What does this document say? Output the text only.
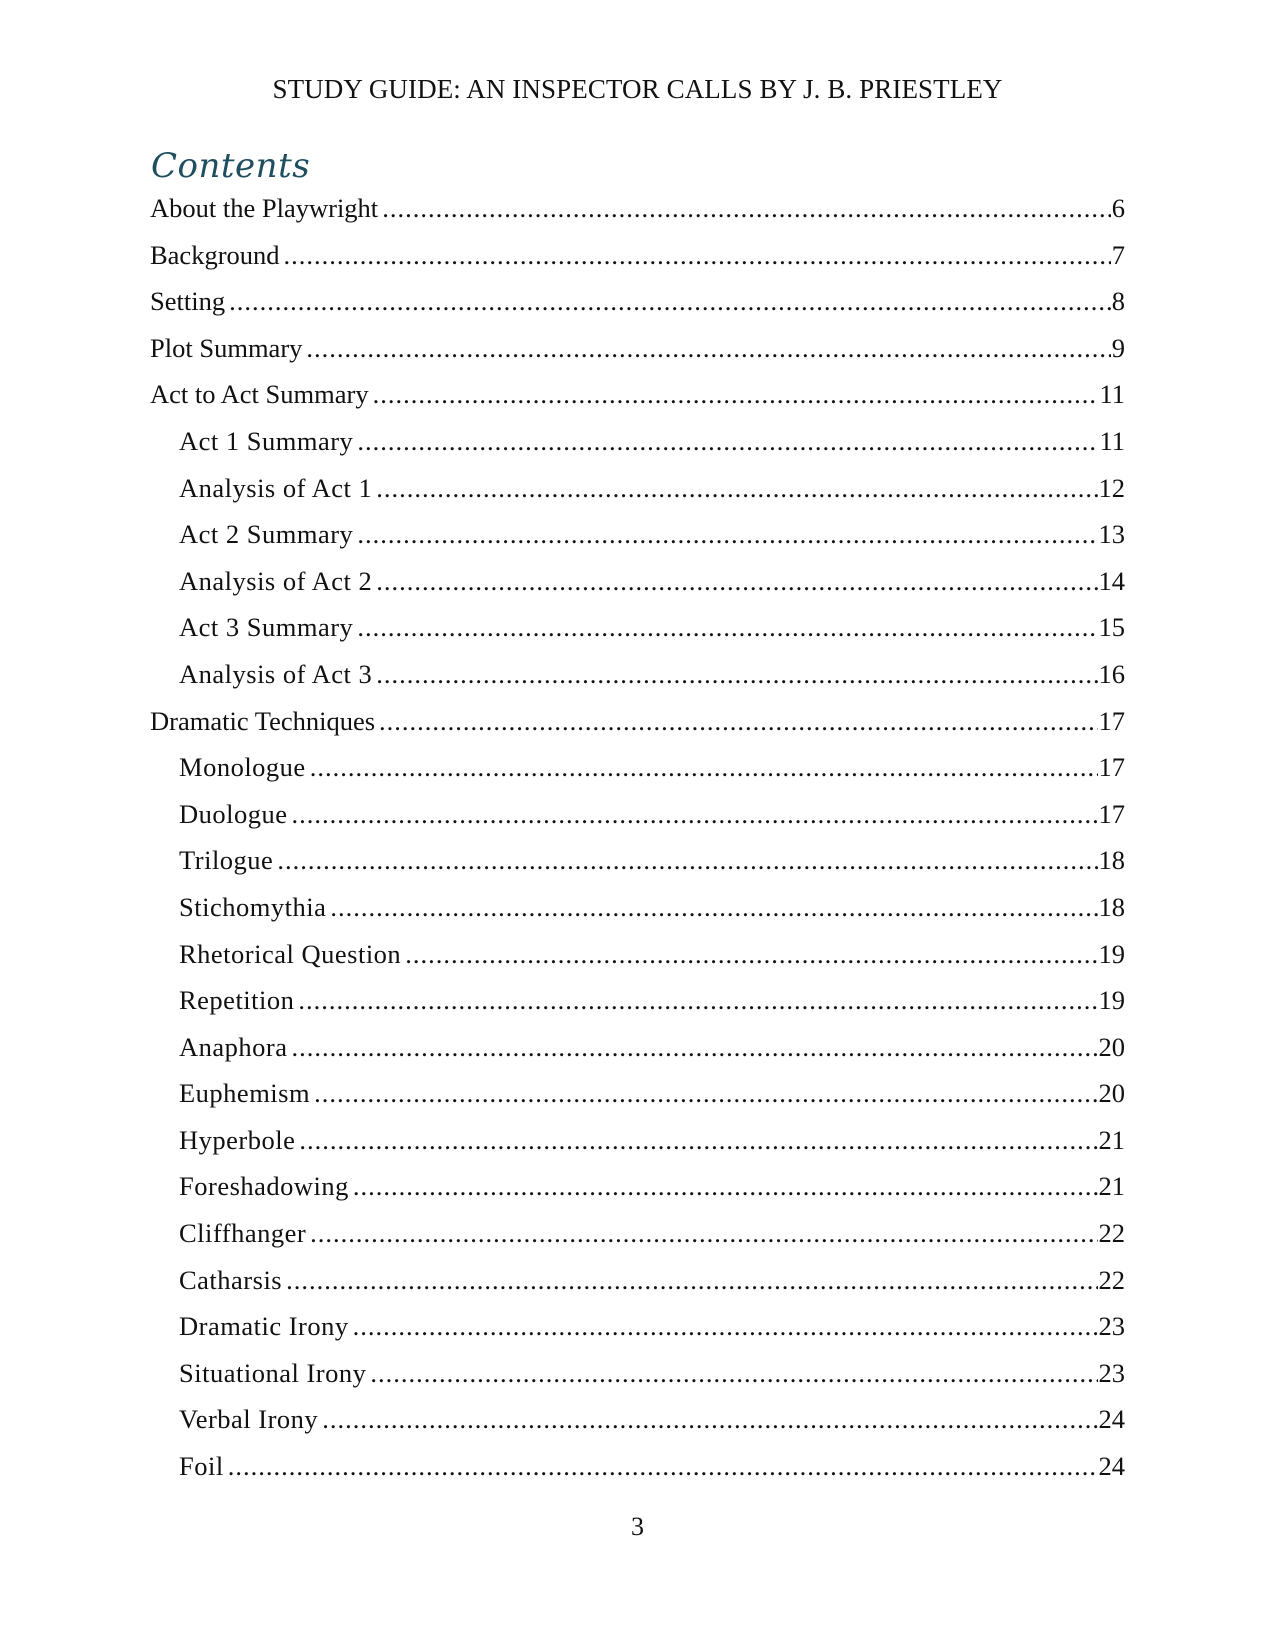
STUDY GUIDE: AN INSPECTOR CALLS BY J. B. PRIESTLEY
Contents
About the Playwright .....	6
Background .....	7
Setting .....	8
Plot Summary .....	9
Act to Act Summary .....	11
Act 1 Summary .....	11
Analysis of Act 1 .....	12
Act 2 Summary .....	13
Analysis of Act 2 .....	14
Act 3 Summary .....	15
Analysis of Act 3 .....	16
Dramatic Techniques .....	17
Monologue .....	17
Duologue .....	17
Trilogue .....	18
Stichomythia .....	18
Rhetorical Question .....	19
Repetition .....	19
Anaphora .....	20
Euphemism .....	20
Hyperbole .....	21
Foreshadowing .....	21
Cliffhanger .....	22
Catharsis .....	22
Dramatic Irony .....	23
Situational Irony .....	23
Verbal Irony .....	24
Foil .....	24
3
